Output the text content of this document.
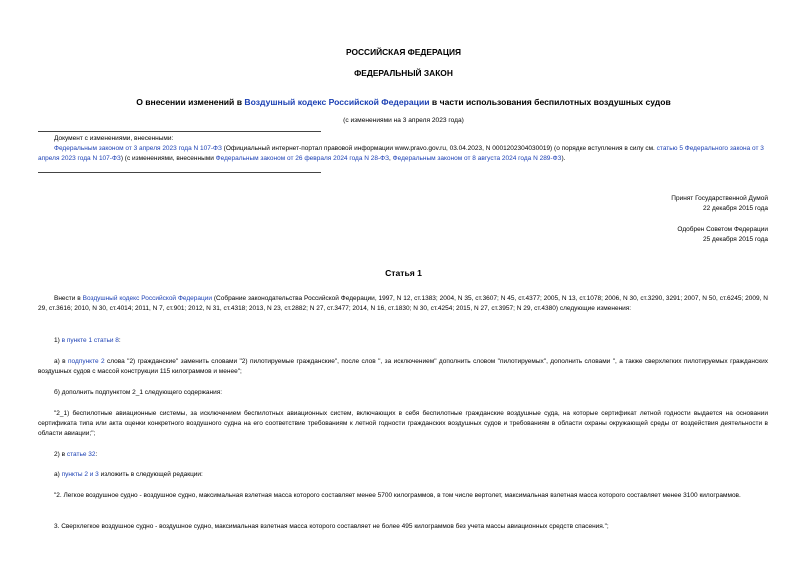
РОССИЙСКАЯ ФЕДЕРАЦИЯ
ФЕДЕРАЛЬНЫЙ ЗАКОН
О внесении изменений в Воздушный кодекс Российской Федерации в части использования беспилотных воздушных судов
(с изменениями на 3 апреля 2023 года)
Документ с изменениями, внесенными:
Федеральным законом от 3 апреля 2023 года N 107-ФЗ (Официальный интернет-портал правовой информации www.pravo.gov.ru, 03.04.2023, N 0001202304030019) (о порядке вступления в силу см. статью 5 Федерального закона от 3 апреля 2023 года N 107-ФЗ) (с изменениями, внесенными Федеральным законом от 26 февраля 2024 года N 28-ФЗ, Федеральным законом от 8 августа 2024 года N 289-ФЗ).
Принят Государственной Думой
22 декабря 2015 года
Одобрен Советом Федерации
25 декабря 2015 года
Статья 1
Внести в Воздушный кодекс Российской Федерации (Собрание законодательства Российской Федерации, 1997, N 12, ст.1383; 2004, N 35, ст.3607; N 45, ст.4377; 2005, N 13, ст.1078; 2006, N 30, ст.3290, 3291; 2007, N 50, ст.6245; 2009, N 29, ст.3616; 2010, N 30, ст.4014; 2011, N 7, ст.901; 2012, N 31, ст.4318; 2013, N 23, ст.2882; N 27, ст.3477; 2014, N 16, ст.1830; N 30, ст.4254; 2015, N 27, ст.3957; N 29, ст.4380) следующие изменения:
1) в пункте 1 статьи 8:
а) в подпункте 2 слова "2) гражданские" заменить словами "2) пилотируемые гражданские", после слов ", за исключением" дополнить словом "пилотируемых", дополнить словами ", а также сверхлегких пилотируемых гражданских воздушных судов с массой конструкции 115 килограммов и менее";
б) дополнить подпунктом 2_1 следующего содержания:
"2_1) беспилотные авиационные системы, за исключением беспилотных авиационных систем, включающих в себя беспилотные гражданские воздушные суда, на которые сертификат летной годности выдается на основании сертификата типа или акта оценки конкретного воздушного судна на его соответствие требованиям к летной годности гражданских воздушных судов и требованиям в области охраны окружающей среды от воздействия деятельности в области авиации;";
2) в статье 32:
а) пункты 2 и 3 изложить в следующей редакции:
"2. Легкое воздушное судно - воздушное судно, максимальная взлетная масса которого составляет менее 5700 килограммов, в том числе вертолет, максимальная взлетная масса которого составляет менее 3100 килограммов.
3. Сверхлегкое воздушное судно - воздушное судно, максимальная взлетная масса которого составляет не более 495 килограммов без учета массы авиационных средств спасения.";
